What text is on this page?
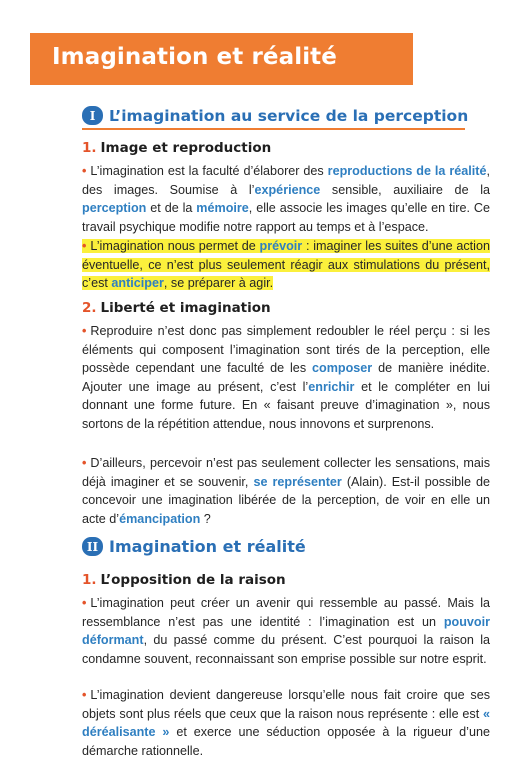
Imagination et réalité
I L’imagination au service de la perception
1. Image et reproduction

• L’imagination est la faculté d’élaborer des reproductions de la réalité, des images. Soumise à l’expérience sensible, auxiliaire de la perception et de la mémoire, elle associe les images qu’elle en tire. Ce travail psychique modifie notre rapport au temps et à l’espace.

• L’imagination nous permet de prévoir : imaginer les suites d’une action éventuelle, ce n’est plus seulement réagir aux stimulations du présent, c’est anticiper, se préparer à agir.

2. Liberté et imagination

• Reproduire n’est donc pas simplement redoubler le réel perçu : si les éléments qui composent l’imagination sont tirés de la perception, elle possède cependant une faculté de les composer de manière inédite. Ajouter une image au présent, c’est l’enrichir et le compléter en lui donnant une forme future. En « faisant preuve d’imagination », nous sortons de la répétition attendue, nous innovons et surprenons.

• D’ailleurs, percevoir n’est pas seulement collecter les sensations, mais déjà imaginer et se souvenir, se représenter (Alain). Est-il possible de concevoir une imagination libérée de la perception, de voir en elle un acte d’émancipation ?

II Imagination et réalité
1. L’opposition de la raison

• L’imagination peut créer un avenir qui ressemble au passé. Mais la ressemblance n’est pas une identité : l’imagination est un pouvoir déformant, du passé comme du présent. C’est pourquoi la raison la condamne souvent, reconnaissant son emprise possible sur notre esprit.

• L’imagination devient dangereuse lorsqu’elle nous fait croire que ses objets sont plus réels que ceux que la raison nous représente : elle est « déréalisante » et exerce une séduction opposée à la rigueur d’une démarche rationnelle.
